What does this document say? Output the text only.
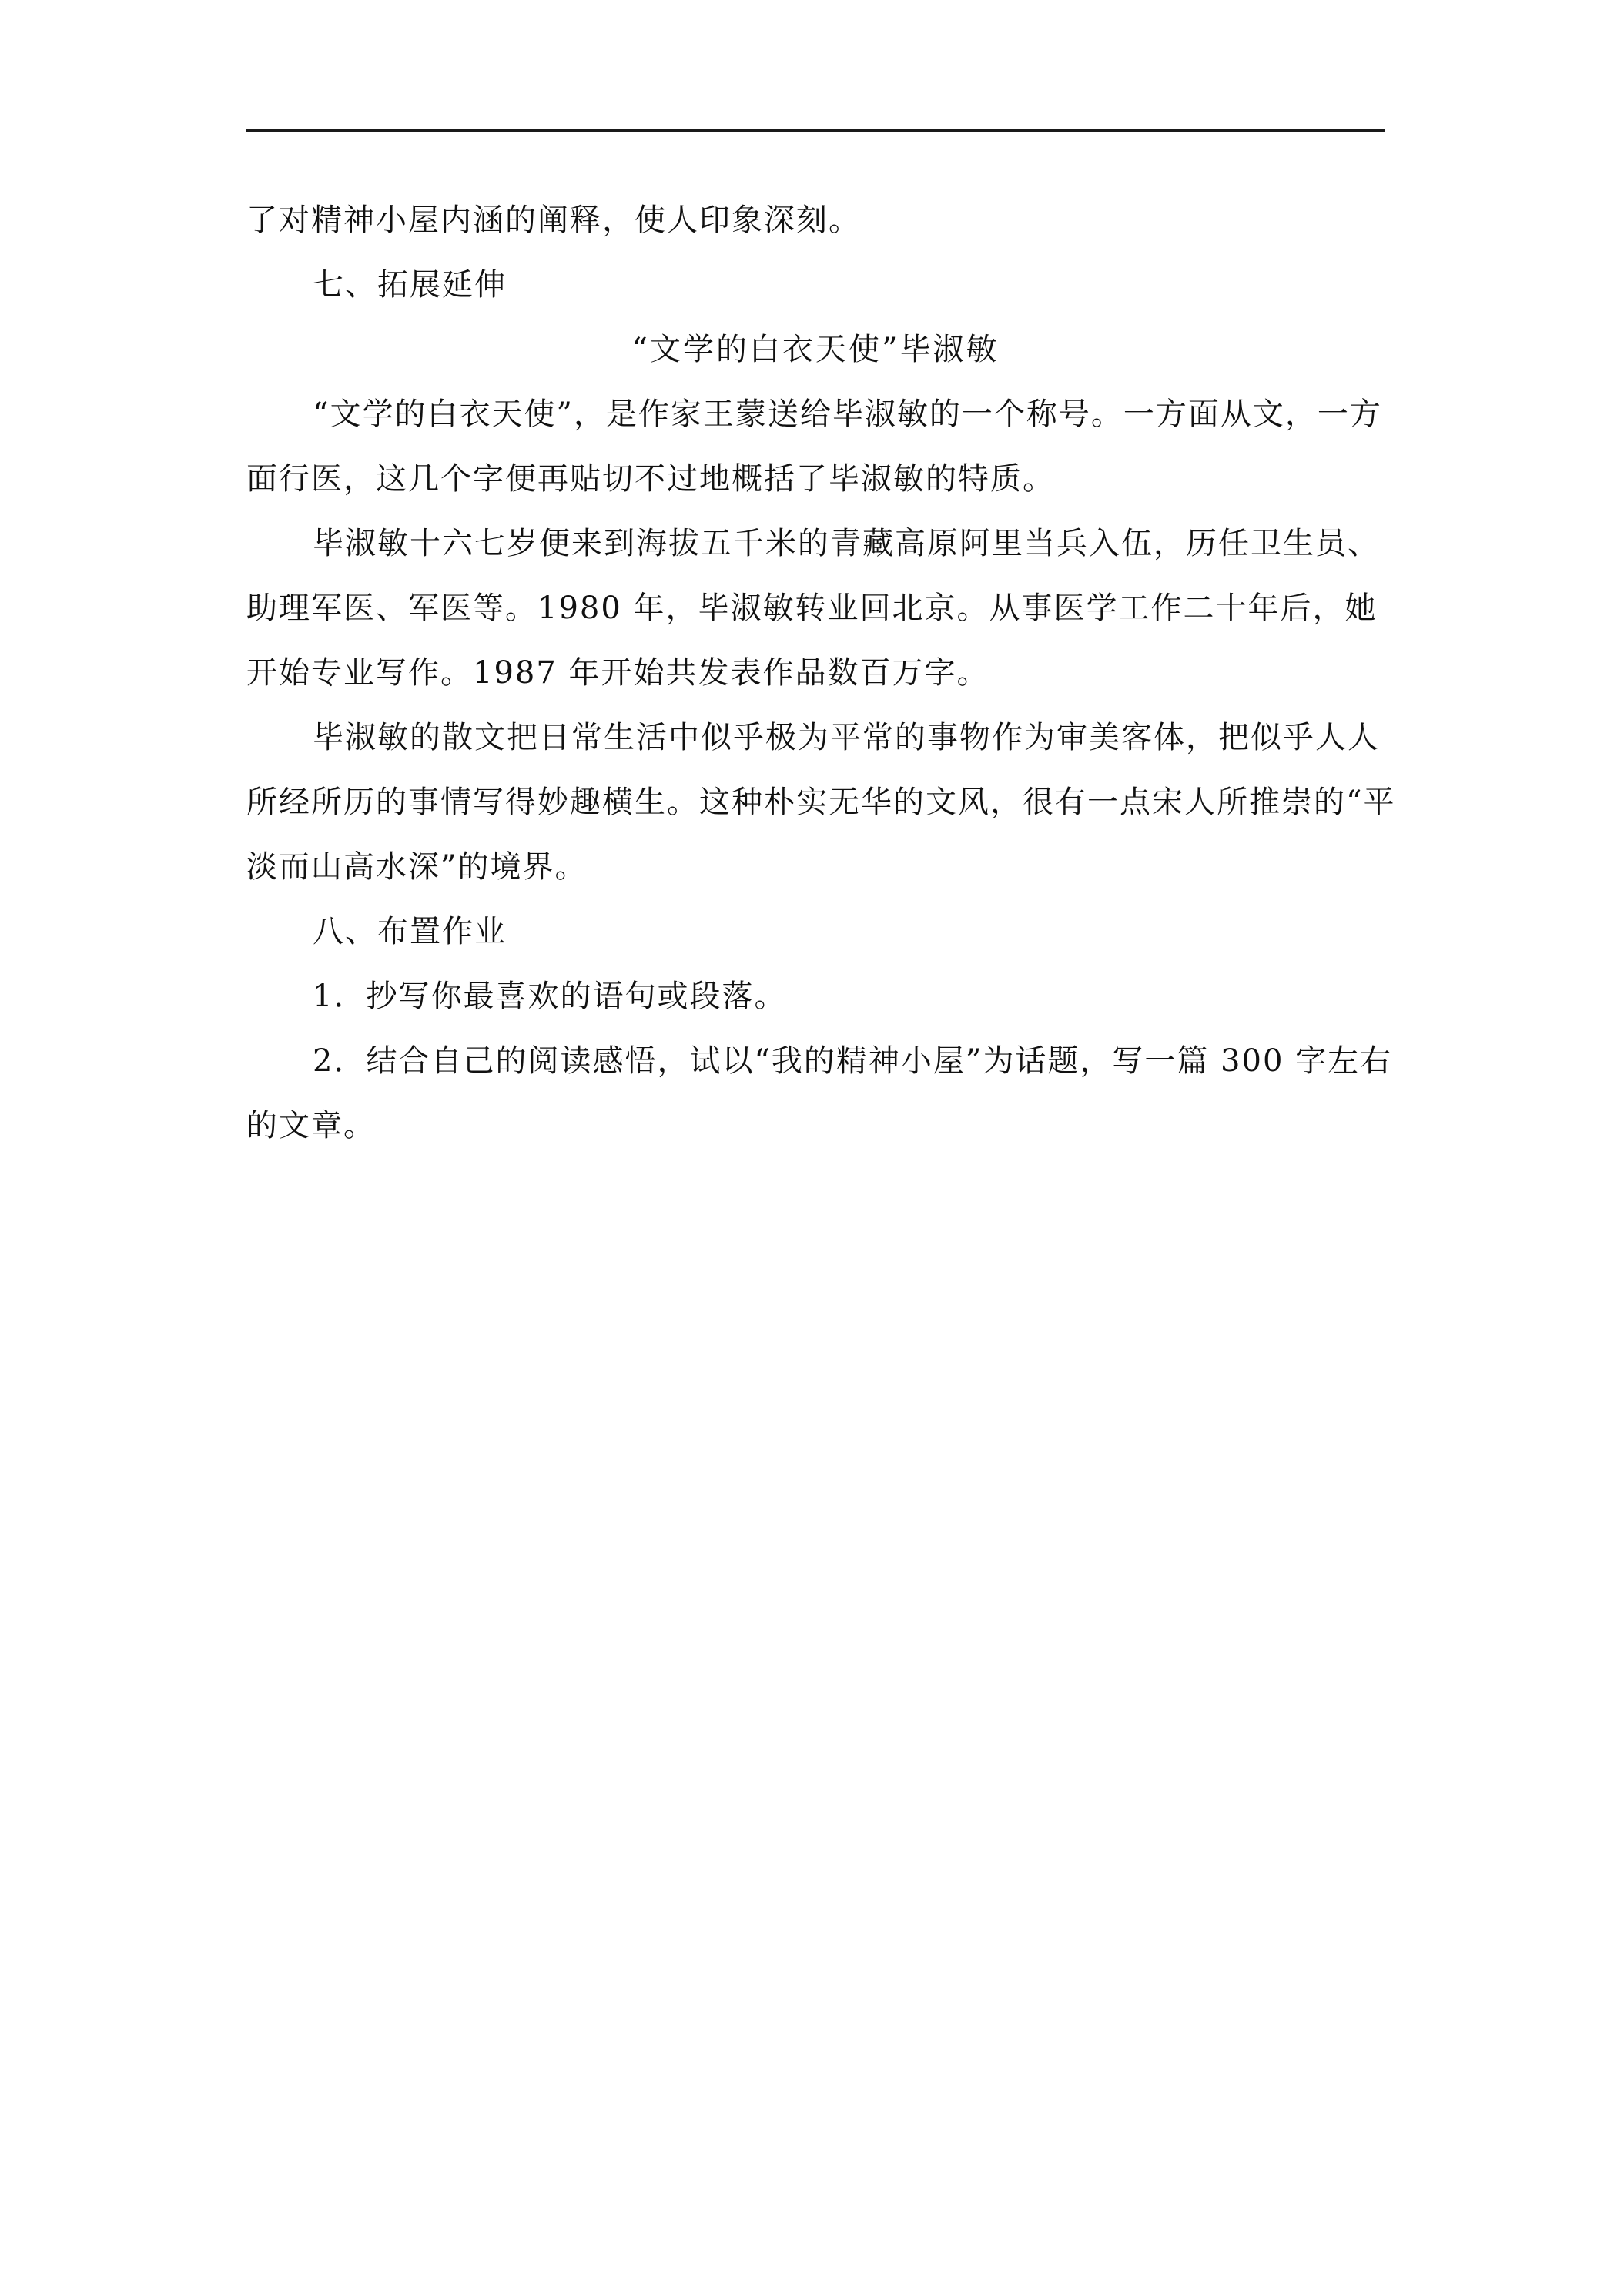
了对精神小屋内涵的阐释，使人印象深刻。
七、拓展延伸
“文学的白衣天使”毕淑敏
“文学的白衣天使”，是作家王蒙送给毕淑敏的一个称号。一方面从文，一方
面行医，这几个字便再贴切不过地概括了毕淑敏的特质。
毕淑敏十六七岁便来到海拔五千米的青藏高原阿里当兵入伍，历任卫生员、
助理军医、军医等。1980 年，毕淑敏转业回北京。从事医学工作二十年后，她
开始专业写作。1987 年开始共发表作品数百万字。
毕淑敏的散文把日常生活中似乎极为平常的事物作为审美客体，把似乎人人
所经所历的事情写得妙趣横生。这种朴实无华的文风，很有一点宋人所推崇的“平
淡而山高水深”的境界。
八、布置作业
1．抄写你最喜欢的语句或段落。
2．结合自己的阅读感悟，试以“我的精神小屋”为话题，写一篇 300 字左右
的文章。
